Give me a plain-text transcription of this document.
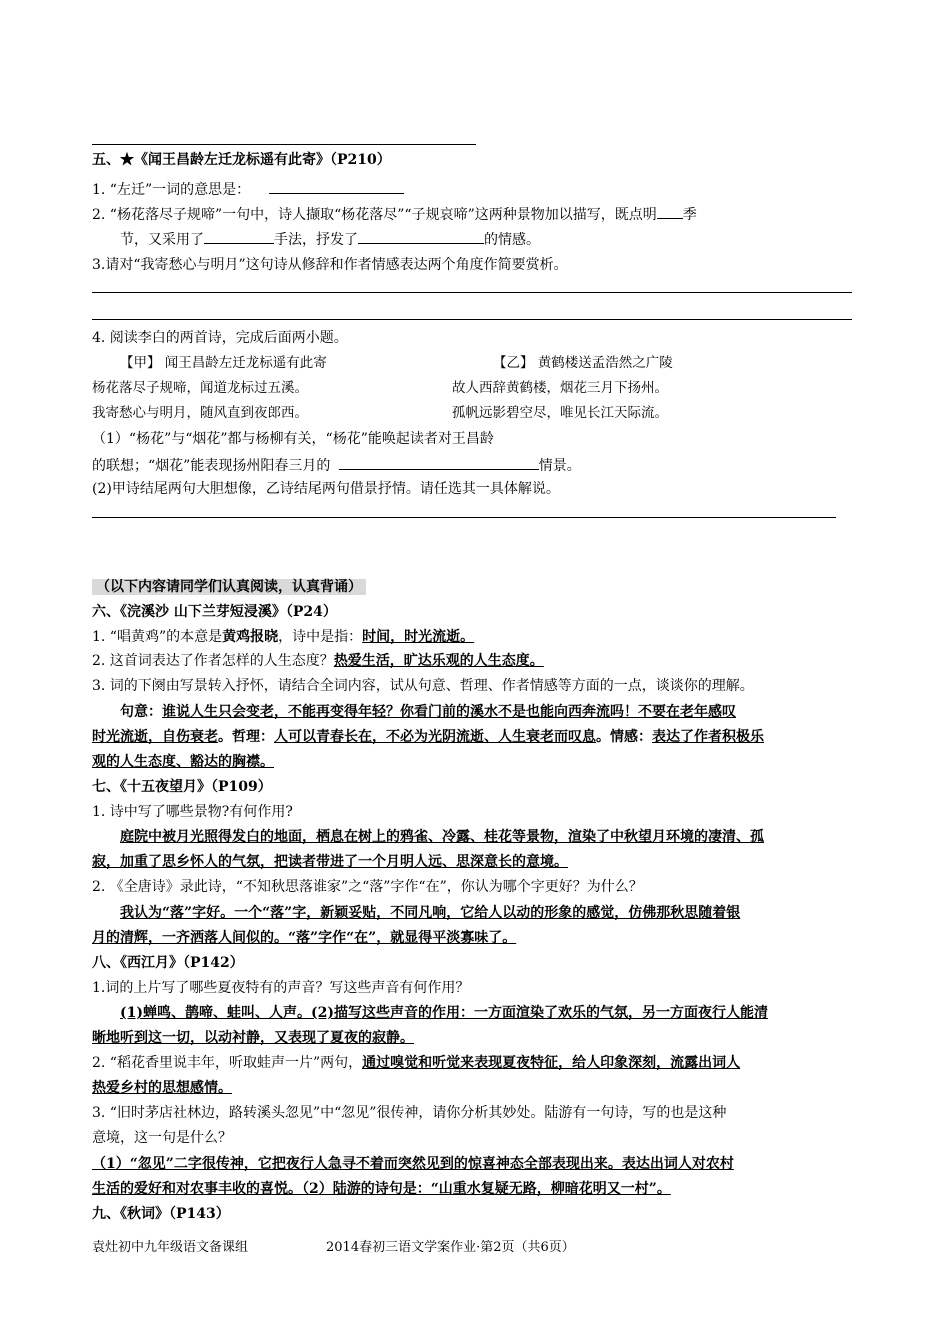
五、★《闻王昌龄左迁龙标遥有此寄》（P210）
1. “左迁”一词的意思是：
2. “杨花落尽子规啼”一句中，诗人撷取“杨花落尽”“子规哀啼”这两种景物加以描写，既点明 季
节，又采用了	手法，抒发了	的情感。
3.请对“我寄愁心与明月”这句诗从修辞和作者情感表达两个角度作简要赏析。
4. 阅读李白的两首诗，完成后面两小题。
【甲】 闻王昌龄左迁龙标遥有此寄	【乙】 黄鹤楼送孟浩然之广陵
杨花落尽子规啼，闻道龙标过五溪。	故人西辞黄鹤楼，烟花三月下扬州。
我寄愁心与明月，随风直到夜郎西。	孤帆远影碧空尽，唯见长江天际流。
（1）“杨花”与“烟花”都与杨柳有关，“杨花”能唤起读者对王昌龄
的联想；“烟花”能表现扬州阳春三月的	情景。
(2)甲诗结尾两句大胆想像，乙诗结尾两句借景抒情。请任选其一具体解说。
（以下内容请同学们认真阅读，认真背诵）
六、《浣溪沙 山下兰芽短浸溪》（P24）
1. “唱黄鸡”的本意是黄鸡报晓，诗中是指：时间，时光流逝。
2. 这首词表达了作者怎样的人生态度？热爱生活，旷达乐观的人生态度。
3. 词的下阕由写景转入抒怀，请结合全词内容，试从句意、哲理、作者情感等方面的一点，谈谈你的理解。
句意：谁说人生只会变老，不能再变得年轻？你看门前的溪水不是也能向西奔流吗！不要在老年感叹
时光流逝，自伤衰老。哲理：人可以青春长在，不必为光阴流逝、人生衰老而叹息。情感：表达了作者积极乐
观的人生态度、豁达的胸襟。
七、《十五夜望月》（P109）
1. 诗中写了哪些景物?有何作用?
庭院中被月光照得发白的地面，栖息在树上的鸦雀、冷露、桂花等景物，渲染了中秋望月环境的凄清、孤
寂，加重了思乡怀人的气氛，把读者带进了一个月明人远、思深意长的意境。
2. 《全唐诗》录此诗，“不知秋思落谁家”之“落”字作“在”，你认为哪个字更好？为什么？
我认为“落”字好。一个“落”字，新颖妥贴，不同凡响，它给人以动的形象的感觉，仿佛那秋思随着银
月的清辉，一齐洒落人间似的。“落”字作“在”，就显得平淡寡味了。
八、《西江月》（P142）
1.词的上片写了哪些夏夜特有的声音？写这些声音有何作用？
(1)蝉鸣、鹊啼、蛙叫、人声。(2)描写这些声音的作用：一方面渲染了欢乐的气氛，另一方面夜行人能清
晰地听到这一切，以动衬静，又表现了夏夜的寂静。
2. “稻花香里说丰年，听取蛙声一片”两句，通过嗅觉和听觉来表现夏夜特征，给人印象深刻，流露出词人
热爱乡村的思想感情。
3. “旧时茅店社林边，路转溪头忽见”中“忽见”很传神，请你分析其妙处。陆游有一句诗，写的也是这种
意境，这一句是什么？
（1）“忽见”二字很传神，它把夜行人急寻不着而突然见到的惊喜神态全部表现出来。表达出词人对农村
生活的爱好和对农事丰收的喜悦。（2）陆游的诗句是：“山重水复疑无路，柳暗花明又一村”。
九、《秋词》（P143）
袁灶初中九年级语文备课组	2014春初三语文学案作业·第2页（共6页）
